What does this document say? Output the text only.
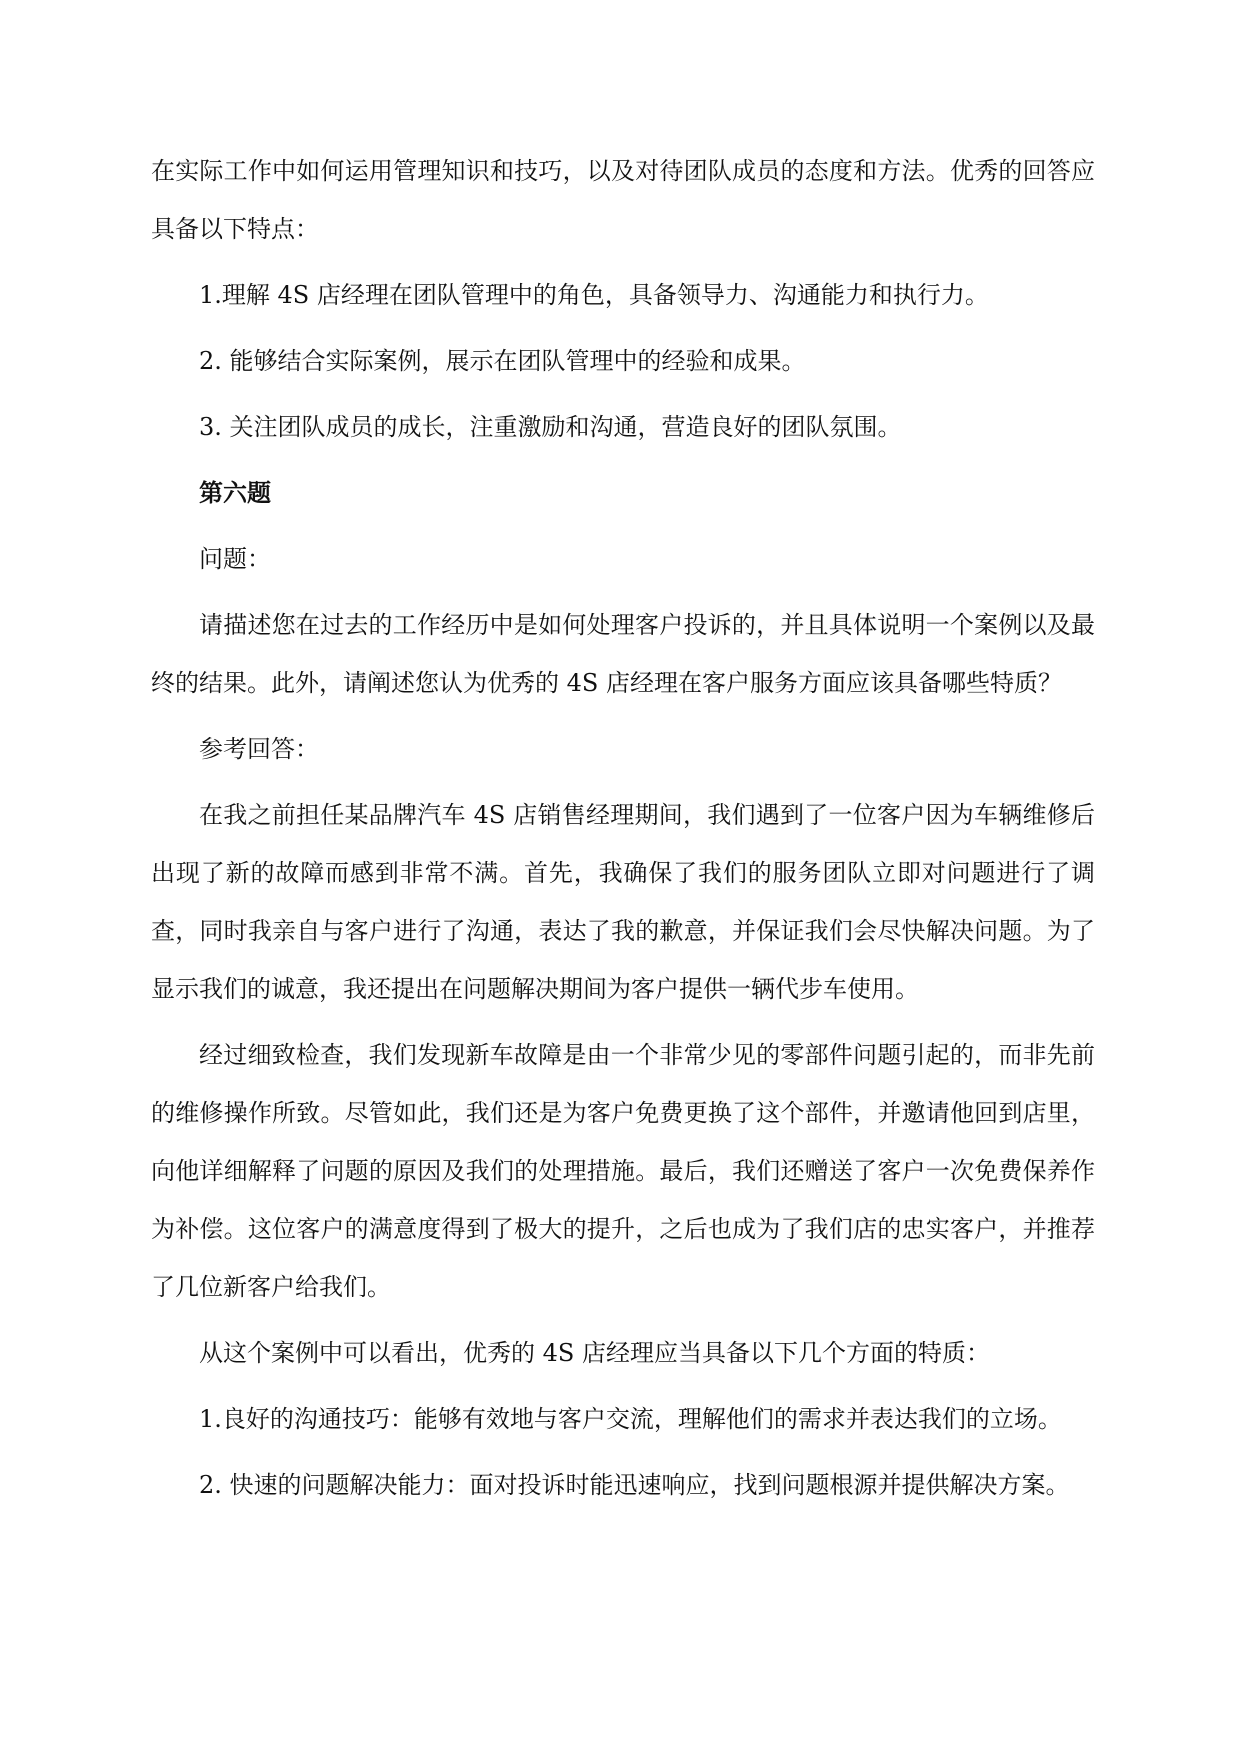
在实际工作中如何运用管理知识和技巧，以及对待团队成员的态度和方法。优秀的回答应具备以下特点：

1.理解 4S 店经理在团队管理中的角色，具备领导力、沟通能力和执行力。

2. 能够结合实际案例，展示在团队管理中的经验和成果。

3. 关注团队成员的成长，注重激励和沟通，营造良好的团队氛围。

第六题

问题：

请描述您在过去的工作经历中是如何处理客户投诉的，并且具体说明一个案例以及最终的结果。此外，请阐述您认为优秀的 4S 店经理在客户服务方面应该具备哪些特质？

参考回答：

在我之前担任某品牌汽车 4S 店销售经理期间，我们遇到了一位客户因为车辆维修后出现了新的故障而感到非常不满。首先，我确保了我们的服务团队立即对问题进行了调查，同时我亲自与客户进行了沟通，表达了我的歉意，并保证我们会尽快解决问题。为了显示我们的诚意，我还提出在问题解决期间为客户提供一辆代步车使用。

经过细致检查，我们发现新车故障是由一个非常少见的零部件问题引起的，而非先前的维修操作所致。尽管如此，我们还是为客户免费更换了这个部件，并邀请他回到店里，向他详细解释了问题的原因及我们的处理措施。最后，我们还赠送了客户一次免费保养作为补偿。这位客户的满意度得到了极大的提升，之后也成为了我们店的忠实客户，并推荐了几位新客户给我们。

从这个案例中可以看出，优秀的 4S 店经理应当具备以下几个方面的特质：

1.良好的沟通技巧：能够有效地与客户交流，理解他们的需求并表达我们的立场。

2. 快速的问题解决能力：面对投诉时能迅速响应，找到问题根源并提供解决方案。
